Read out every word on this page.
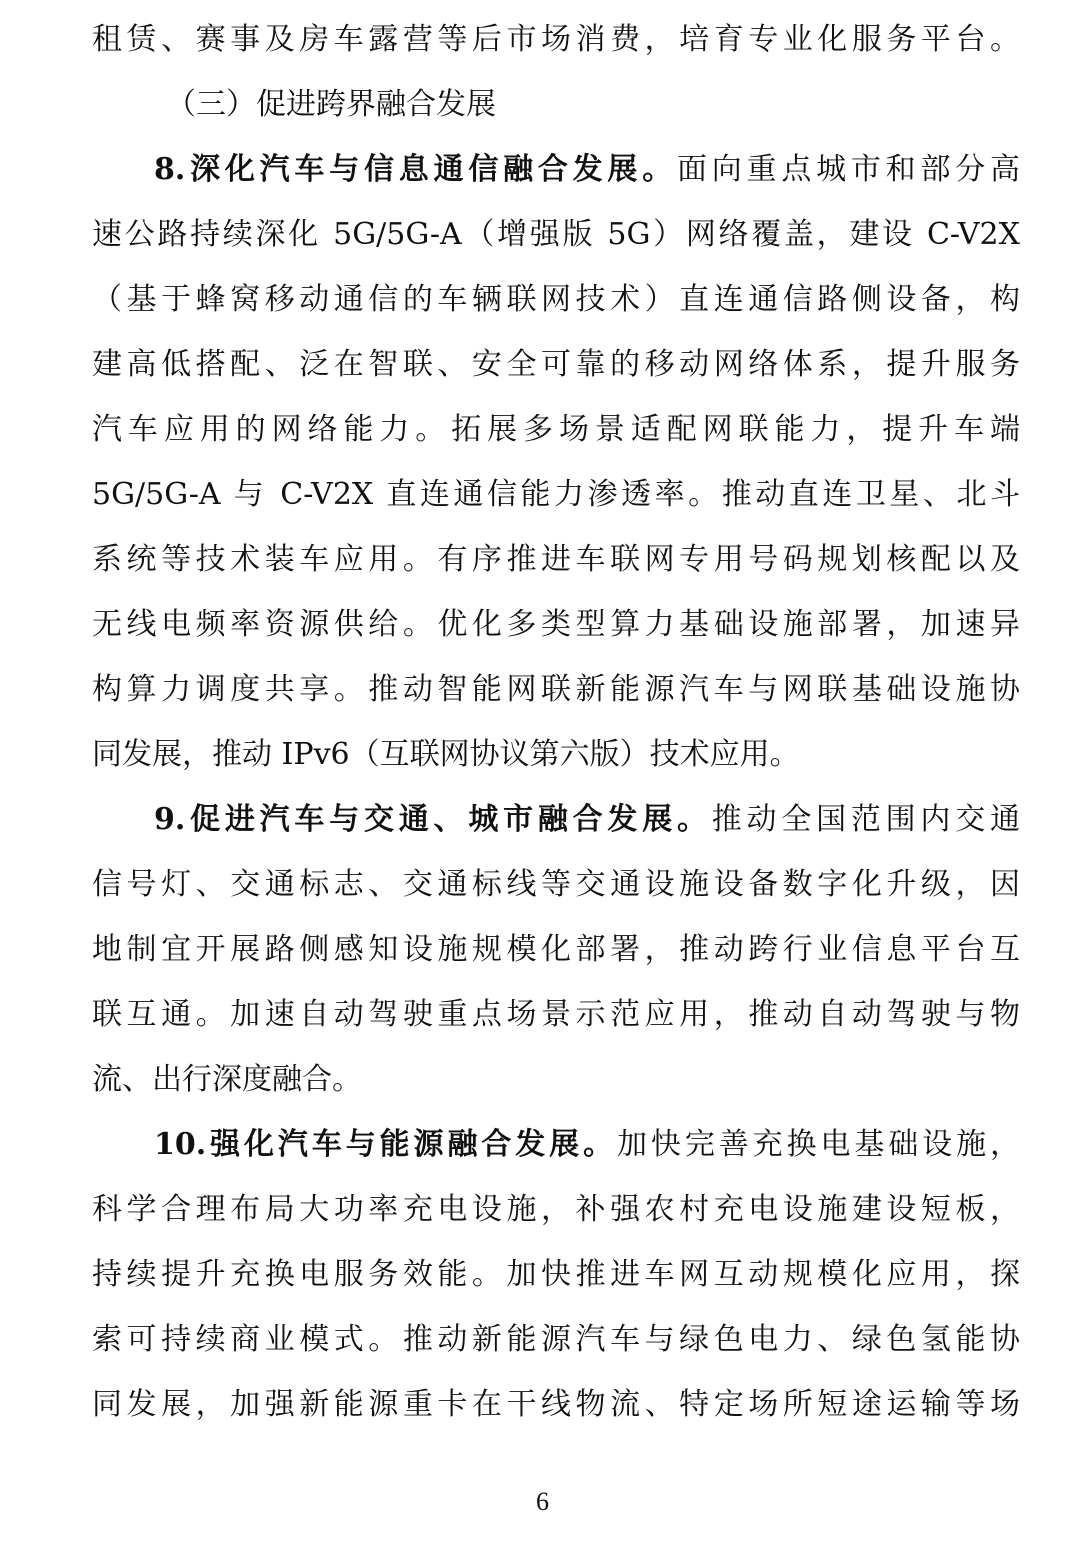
租赁、赛事及房车露营等后市场消费，培育专业化服务平台。
（三）促进跨界融合发展
8.深化汽车与信息通信融合发展。面向重点城市和部分高
速公路持续深化 5G/5G-A（增强版 5G）网络覆盖，建设 C-V2X
（基于蜂窝移动通信的车辆联网技术）直连通信路侧设备，构
建高低搭配、泛在智联、安全可靠的移动网络体系，提升服务
汽车应用的网络能力。拓展多场景适配网联能力，提升车端
5G/5G-A 与 C-V2X 直连通信能力渗透率。推动直连卫星、北斗
系统等技术装车应用。有序推进车联网专用号码规划核配以及
无线电频率资源供给。优化多类型算力基础设施部署，加速异
构算力调度共享。推动智能网联新能源汽车与网联基础设施协
同发展，推动 IPv6（互联网协议第六版）技术应用。
9.促进汽车与交通、城市融合发展。推动全国范围内交通
信号灯、交通标志、交通标线等交通设施设备数字化升级，因
地制宜开展路侧感知设施规模化部署，推动跨行业信息平台互
联互通。加速自动驾驶重点场景示范应用，推动自动驾驶与物
流、出行深度融合。
10.强化汽车与能源融合发展。加快完善充换电基础设施，
科学合理布局大功率充电设施，补强农村充电设施建设短板，
持续提升充换电服务效能。加快推进车网互动规模化应用，探
索可持续商业模式。推动新能源汽车与绿色电力、绿色氢能协
同发展，加强新能源重卡在干线物流、特定场所短途运输等场
6
